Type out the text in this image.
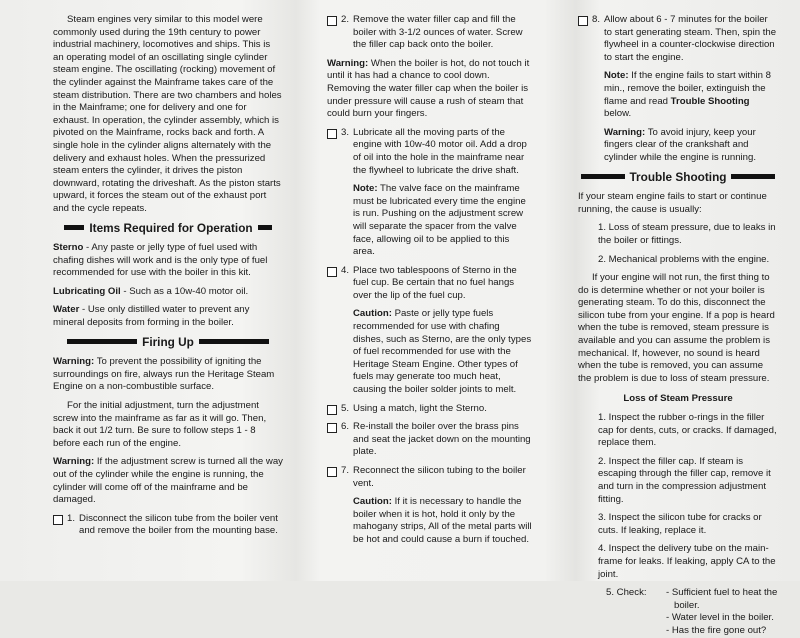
Steam engines very similar to this model were commonly used during the 19th century to power industrial machinery, locomotives and ships. This is an operating model of an oscillating single cylinder steam engine. The oscillating (rocking) movement of the cylinder against the Mainframe takes care of the steam distribution. There are two chambers and holes in the Mainframe; one for delivery and one for exhaust. In operation, the cylinder assembly, which is pivoted on the Mainframe, rocks back and forth. A single hole in the cylinder aligns alternately with the delivery and exhaust holes. When the pressurized steam enters the cylinder, it drives the piston downward, rotating the driveshaft. As the piston starts upward, it forces the steam out of the exhaust port and the cycle repeats.

Items Required for Operation

Sterno - Any paste or jelly type of fuel used with chafing dishes will work and is the only type of fuel recommended for use with the boiler in this kit.

Lubricating Oil - Such as a 10w-40 motor oil.

Water - Use only distilled water to prevent any mineral deposits from forming in the boiler.

Firing Up

Warning: To prevent the possibility of igniting the surroundings on fire, always run the Heritage Steam Engine on a non-combustible surface.

For the initial adjustment, turn the adjustment screw into the mainframe as far as it will go. Then, back it out 1/2 turn. Be sure to follow steps 1 - 8 before each run of the engine.

Warning: If the adjustment screw is turned all the way out of the cylinder while the engine is running, the cylinder will come off of the mainframe and be damaged.

1. Disconnect the silicon tube from the boiler vent and remove the boiler from the mounting base.
2. Remove the water filler cap and fill the boiler with 3-1/2 ounces of water. Screw the filler cap back onto the boiler.

Warning: When the boiler is hot, do not touch it until it has had a chance to cool down. Removing the water filler cap when the boiler is under pressure will cause a rush of steam that could burn your fingers.

3. Lubricate all the moving parts of the engine with 10w-40 motor oil. Add a drop of oil into the hole in the mainframe near the flywheel to lubricate the drive shaft.

Note: The valve face on the mainframe must be lubricated every time the engine is run. Pushing on the adjustment screw will separate the spacer from the valve face, allowing oil to be applied to this area.

4. Place two tablespoons of Sterno in the fuel cup. Be certain that no fuel hangs over the lip of the fuel cup.

Caution: Paste or jelly type fuels recommended for use with chafing dishes, such as Sterno, are the only types of fuel recommended for use with the Heritage Steam Engine. Other types of fuels may generate too much heat, causing the boiler solder joints to melt.

5. Using a match, light the Sterno.
6. Re-install the boiler over the brass pins and seat the jacket down on the mounting plate.
7. Reconnect the silicon tubing to the boiler vent.

Caution: If it is necessary to handle the boiler when it is hot, hold it only by the mahogany strips, All of the metal parts will be hot and could cause a burn if touched.

8. Allow about 6 - 7 minutes for the boiler to start generating steam. Then, spin the flywheel in a counter-clockwise direction to start the engine.

Note: If the engine fails to start within 8 min., remove the boiler, extinguish the flame and read Trouble Shooting below.

Warning: To avoid injury, keep your fingers clear of the crankshaft and cylinder while the engine is running.

Trouble Shooting

If your steam engine fails to start or continue running, the cause is usually:

1. Loss of steam pressure, due to leaks in the boiler or fittings.

2. Mechanical problems with the engine.

If your engine will not run, the first thing to do is determine whether or not your boiler is generating steam. To do this, disconnect the silicon tube from your engine. If a pop is heard when the tube is removed, steam pressure is available and you can assume the problem is mechanical. If, however, no sound is heard when the tube is removed, you can assume the problem is due to loss of steam pressure.

Loss of Steam Pressure

1. Inspect the rubber o-rings in the filler cap for dents, cuts, or cracks. If damaged, replace them.

2. Inspect the filler cap. If steam is escaping through the filler cap, remove it and turn in the compression adjustment fitting.

3. Inspect the silicon tube for cracks or cuts. If leaking, replace it.

4. Inspect the delivery tube on the main-frame for leaks. If leaking, apply CA to the joint.

5. Check:	- Sufficient fuel to heat the boiler.
- Water level in the boiler.
- Has the fire gone out?
